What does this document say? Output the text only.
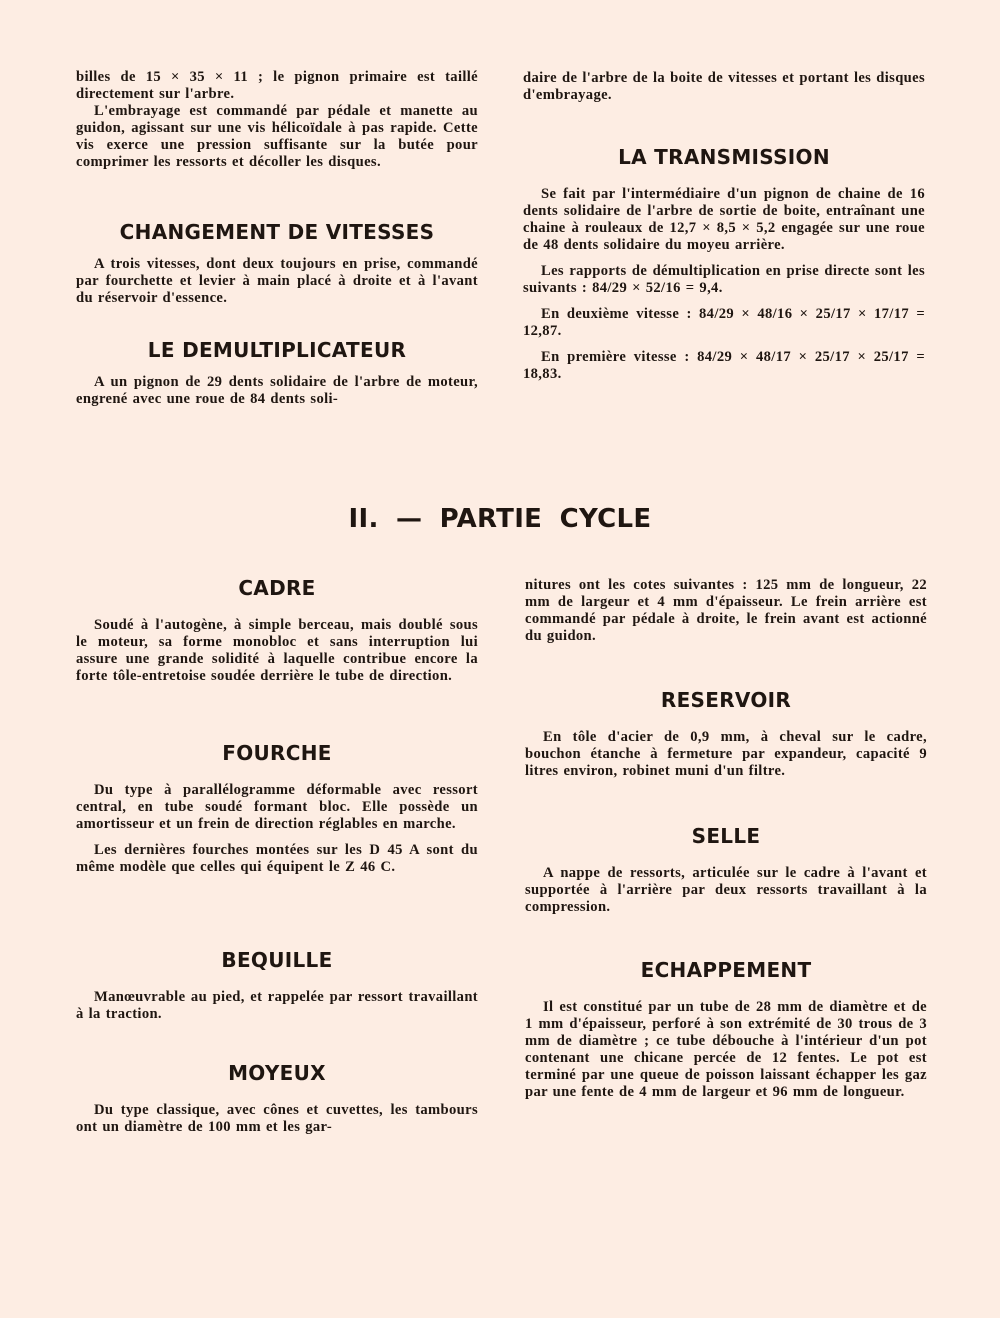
billes de 15 × 35 × 11 ; le pignon primaire est taillé directement sur l'arbre.

L'embrayage est commandé par pédale et manette au guidon, agissant sur une vis hélicoïdale à pas rapide. Cette vis exerce une pression suffisante sur la butée pour comprimer les ressorts et décoller les disques.

CHANGEMENT DE VITESSES

A trois vitesses, dont deux toujours en prise, commandé par fourchette et levier à main placé à droite et à l'avant du réservoir d'essence.

LE DEMULTIPLICATEUR

A un pignon de 29 dents solidaire de l'arbre de moteur, engrené avec une roue de 84 dents soli-

daire de l'arbre de la boite de vitesses et portant les disques d'embrayage.

LA TRANSMISSION

Se fait par l'intermédiaire d'un pignon de chaine de 16 dents solidaire de l'arbre de sortie de boite, entraînant une chaine à rouleaux de 12,7 × 8,5 × 5,2 engagée sur une roue de 48 dents solidaire du moyeu arrière.

Les rapports de démultiplication en prise directe sont les suivants : 84/29 × 52/16 = 9,4.

En deuxième vitesse : 84/29 × 48/16 × 25/17 × 17/17 = 12,87.

En première vitesse : 84/29 × 48/17 × 25/17 × 25/17 = 18,83.

II. — PARTIE CYCLE
CADRE

Soudé à l'autogène, à simple berceau, mais doublé sous le moteur, sa forme monobloc et sans interruption lui assure une grande solidité à laquelle contribue encore la forte tôle-entretoise soudée derrière le tube de direction.

FOURCHE

Du type à parallélogramme déformable avec ressort central, en tube soudé formant bloc. Elle possède un amortisseur et un frein de direction réglables en marche.

Les dernières fourches montées sur les D 45 A sont du même modèle que celles qui équipent le Z 46 C.

BEQUILLE

Manœuvrable au pied, et rappelée par ressort travaillant à la traction.

MOYEUX

Du type classique, avec cônes et cuvettes, les tambours ont un diamètre de 100 mm et les gar-

nitures ont les cotes suivantes : 125 mm de longueur, 22 mm de largeur et 4 mm d'épaisseur. Le frein arrière est commandé par pédale à droite, le frein avant est actionné du guidon.

RESERVOIR

En tôle d'acier de 0,9 mm, à cheval sur le cadre, bouchon étanche à fermeture par expandeur, capacité 9 litres environ, robinet muni d'un filtre.

SELLE

A nappe de ressorts, articulée sur le cadre à l'avant et supportée à l'arrière par deux ressorts travaillant à la compression.

ECHAPPEMENT

Il est constitué par un tube de 28 mm de diamètre et de 1 mm d'épaisseur, perforé à son extrémité de 30 trous de 3 mm de diamètre ; ce tube débouche à l'intérieur d'un pot contenant une chicane percée de 12 fentes. Le pot est terminé par une queue de poisson laissant échapper les gaz par une fente de 4 mm de largeur et 96 mm de longueur.
